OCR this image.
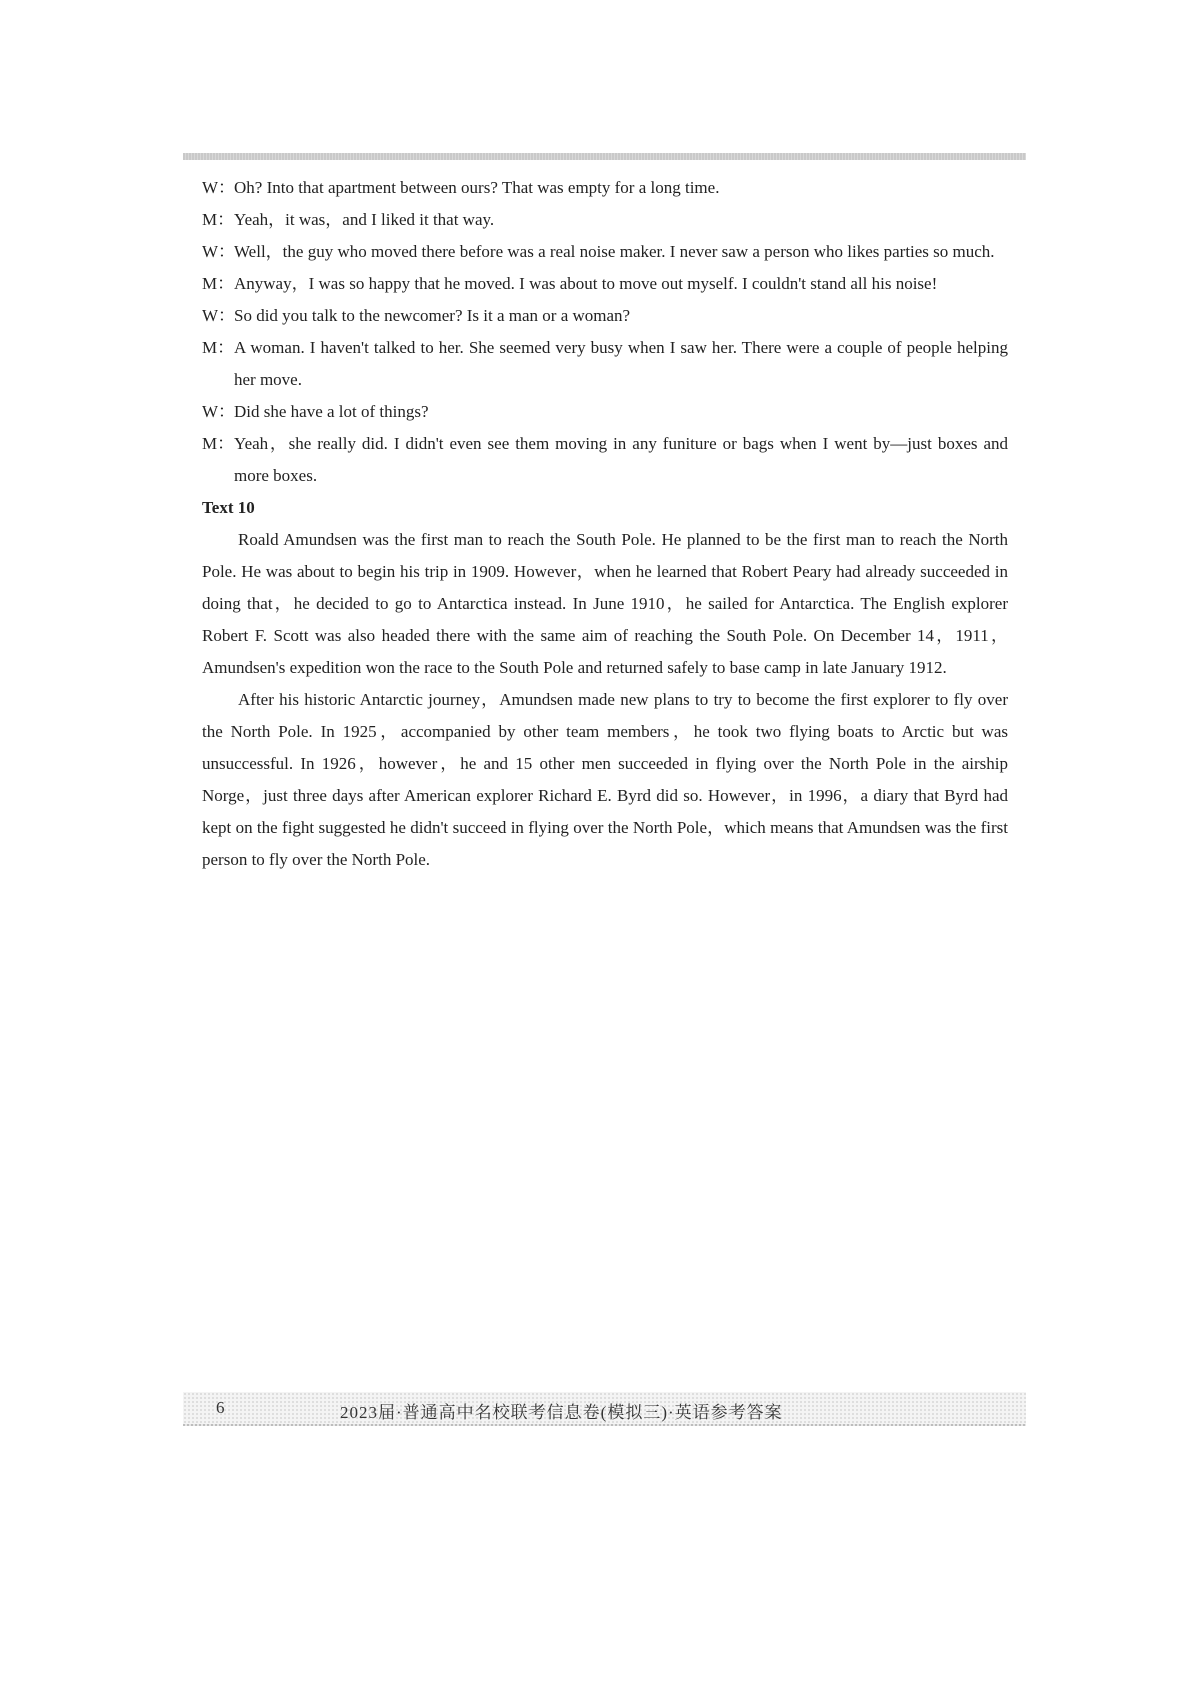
W：
Oh? Into that apartment between ours? That was empty for a long time.
M： Yeah，it was，and I liked it that way.
W：
Well，the guy who moved there before was a real noise maker. I never saw a person who likes parties so much.
M： Anyway，I was so happy that he moved. I was about to move out myself. I couldn't stand all his noise!
W：
So did you talk to the newcomer? Is it a man or a woman?
M： A woman. I haven't talked to her. She seemed very busy when I saw her. There were a couple of people helping her move.
W：
Did she have a lot of things?
M： Yeah，she really did. I didn't even see them moving in any funiture or bags when I went by—just boxes and more boxes.
Text 10
Roald Amundsen was the first man to reach the South Pole. He planned to be the first man to reach the North Pole. He was about to begin his trip in 1909. However，when he learned that Robert Peary had already succeeded in doing that，he decided to go to Antarctica instead. In June 1910，he sailed for Antarctica. The English explorer Robert F. Scott was also headed there with the same aim of reaching the South Pole. On December 14，1911，Amundsen's expedition won the race to the South Pole and returned safely to base camp in late January 1912.
After his historic Antarctic journey，Amundsen made new plans to try to become the first explorer to fly over the North Pole. In 1925，accompanied by other team members，he took two flying boats to Arctic but was unsuccessful. In 1926，however，he and 15 other men succeeded in flying over the North Pole in the airship Norge，just three days after American explorer Richard E. Byrd did so. However，in 1996，a diary that Byrd had kept on the fight suggested he didn't succeed in flying over the North Pole，which means that Amundsen was the first person to fly over the North Pole.
6	2023届·普通高中名校联考信息卷(模拟三)·英语参考答案
